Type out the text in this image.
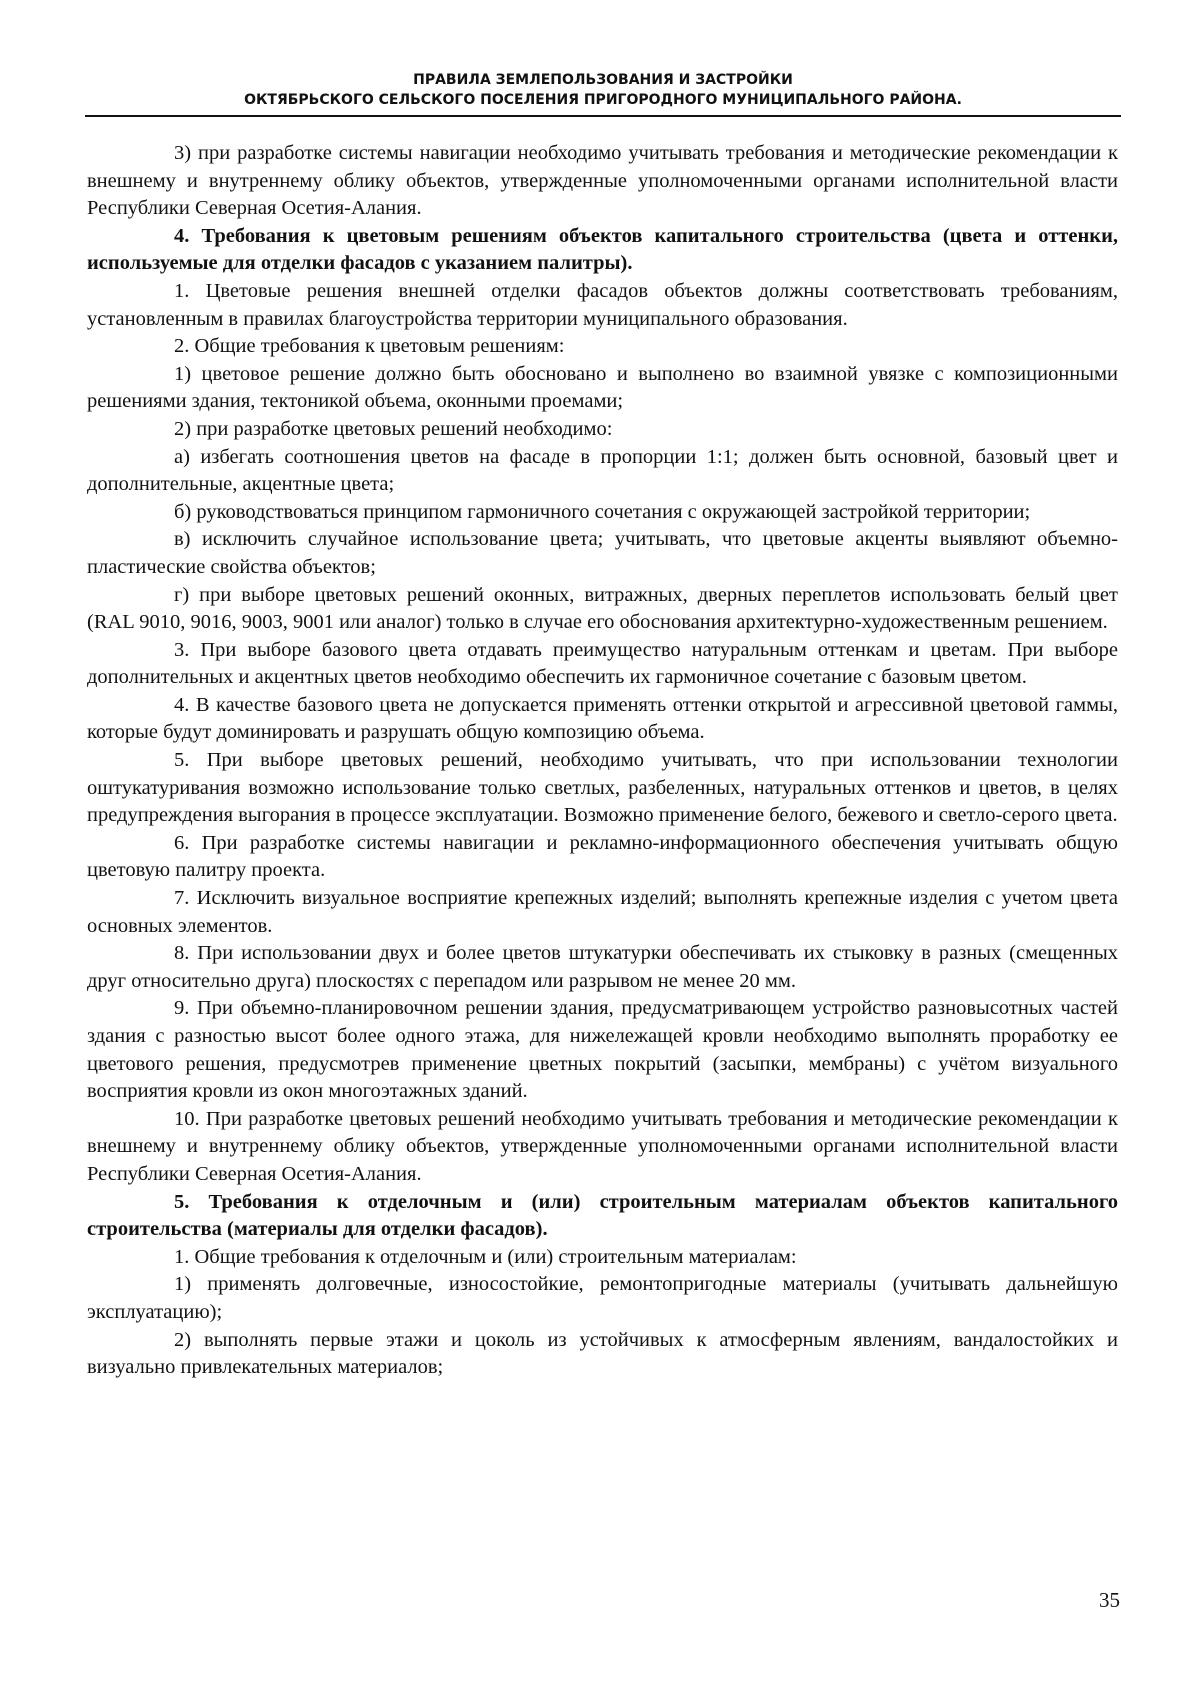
ПРАВИЛА ЗЕМЛЕПОЛЬЗОВАНИЯ И ЗАСТРОЙКИ
ОКТЯБРЬСКОГО СЕЛЬСКОГО ПОСЕЛЕНИЯ ПРИГОРОДНОГО МУНИЦИПАЛЬНОГО РАЙОНА.

3) при разработке системы навигации необходимо учитывать требования и методические рекомендации к внешнему и внутреннему облику объектов, утвержденные уполномоченными органами исполнительной власти Республики Северная Осетия-Алания.

4. Требования к цветовым решениям объектов капитального строительства (цвета и оттенки, используемые для отделки фасадов с указанием палитры).

1. Цветовые решения внешней отделки фасадов объектов должны соответствовать требованиям, установленным в правилах благоустройства территории муниципального образования.

2. Общие требования к цветовым решениям:

1) цветовое решение должно быть обосновано и выполнено во взаимной увязке с композиционными решениями здания, тектоникой объема, оконными проемами;

2) при разработке цветовых решений необходимо:

а) избегать соотношения цветов на фасаде в пропорции 1:1; должен быть основной, базовый цвет и дополнительные, акцентные цвета;

б) руководствоваться принципом гармоничного сочетания с окружающей застройкой территории;

в) исключить случайное использование цвета; учитывать, что цветовые акценты выявляют объемно-пластические свойства объектов;

г) при выборе цветовых решений оконных, витражных, дверных переплетов использовать белый цвет (RAL 9010, 9016, 9003, 9001 или аналог) только в случае его обоснования архитектурно-художественным решением.

3. При выборе базового цвета отдавать преимущество натуральным оттенкам и цветам. При выборе дополнительных и акцентных цветов необходимо обеспечить их гармоничное сочетание с базовым цветом.

4. В качестве базового цвета не допускается применять оттенки открытой и агрессивной цветовой гаммы, которые будут доминировать и разрушать общую композицию объема.

5. При выборе цветовых решений, необходимо учитывать, что при использовании технологии оштукатуривания возможно использование только светлых, разбеленных, натуральных оттенков и цветов, в целях предупреждения выгорания в процессе эксплуатации. Возможно применение белого, бежевого и светло-серого цвета.

6. При разработке системы навигации и рекламно-информационного обеспечения учитывать общую цветовую палитру проекта.

7. Исключить визуальное восприятие крепежных изделий; выполнять крепежные изделия с учетом цвета основных элементов.

8. При использовании двух и более цветов штукатурки обеспечивать их стыковку в разных (смещенных друг относительно друга) плоскостях с перепадом или разрывом не менее 20 мм.

9. При объемно-планировочном решении здания, предусматривающем устройство разновысотных частей здания с разностью высот более одного этажа, для нижележащей кровли необходимо выполнять проработку ее цветового решения, предусмотрев применение цветных покрытий (засыпки, мембраны) с учётом визуального восприятия кровли из окон многоэтажных зданий.

10. При разработке цветовых решений необходимо учитывать требования и методические рекомендации к внешнему и внутреннему облику объектов, утвержденные уполномоченными органами исполнительной власти Республики Северная Осетия-Алания.

5. Требования к отделочным и (или) строительным материалам объектов капитального строительства (материалы для отделки фасадов).

1. Общие требования к отделочным и (или) строительным материалам:

1) применять долговечные, износостойкие, ремонтопригодные материалы (учитывать дальнейшую эксплуатацию);

2) выполнять первые этажи и цоколь из устойчивых к атмосферным явлениям, вандалостойких и визуально привлекательных материалов;

35
